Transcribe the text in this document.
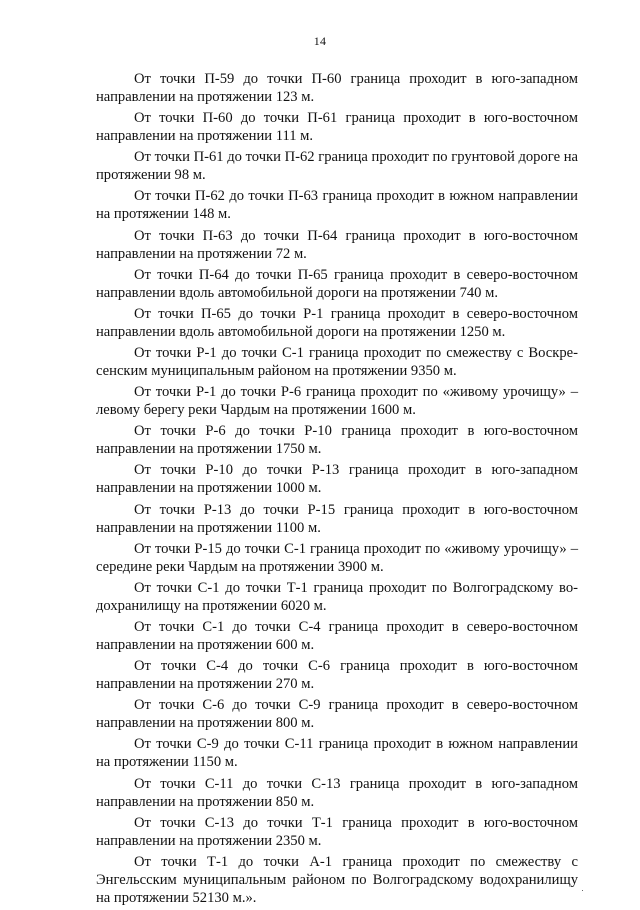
14

От точки П-59 до точки П-60 граница проходит в юго-западном направлении на протяжении 123 м.

От точки П-60 до точки П-61 граница проходит в юго-восточном направлении на протяжении 111 м.

От точки П-61 до точки П-62 граница проходит по грунтовой дороге на протяжении 98 м.

От точки П-62 до точки П-63 граница проходит в южном направлении на протяжении 148 м.

От точки П-63 до точки П-64 граница проходит в юго-восточном направлении на протяжении 72 м.

От точки П-64 до точки П-65 граница проходит в северо-восточном направлении вдоль автомобильной дороги на протяжении 740 м.

От точки П-65 до точки Р-1 граница проходит в северо-восточном направлении вдоль автомобильной дороги на протяжении 1250 м.

От точки Р-1 до точки С-1 граница проходит по смежеству с Воскресенским муниципальным районом на протяжении 9350 м.

От точки Р-1 до точки Р-6 граница проходит по «живому урочищу» – левому берегу реки Чардым на протяжении 1600 м.

От точки Р-6 до точки Р-10 граница проходит в юго-восточном направлении на протяжении 1750 м.

От точки Р-10 до точки Р-13 граница проходит в юго-западном направлении на протяжении 1000 м.

От точки Р-13 до точки Р-15 граница проходит в юго-восточном направлении на протяжении 1100 м.

От точки Р-15 до точки С-1 граница проходит по «живому урочищу» – середине реки Чардым на протяжении 3900 м.

От точки С-1 до точки Т-1 граница проходит по Волгоградскому водохранилищу на протяжении 6020 м.

От точки С-1 до точки С-4 граница проходит в северо-восточном направлении на протяжении 600 м.

От точки С-4 до точки С-6 граница проходит в юго-восточном направлении на протяжении 270 м.

От точки С-6 до точки С-9 граница проходит в северо-восточном направлении на протяжении 800 м.

От точки С-9 до точки С-11 граница проходит в южном направлении на протяжении 1150 м.

От точки С-11 до точки С-13 граница проходит в юго-западном направлении на протяжении 850 м.

От точки С-13 до точки Т-1 граница проходит в юго-восточном направлении на протяжении 2350 м.

От точки Т-1 до точки А-1 граница проходит по смежеству с Энгельсским муниципальным районом по Волгоградскому водохранилищу на протяжении 52130 м.».
